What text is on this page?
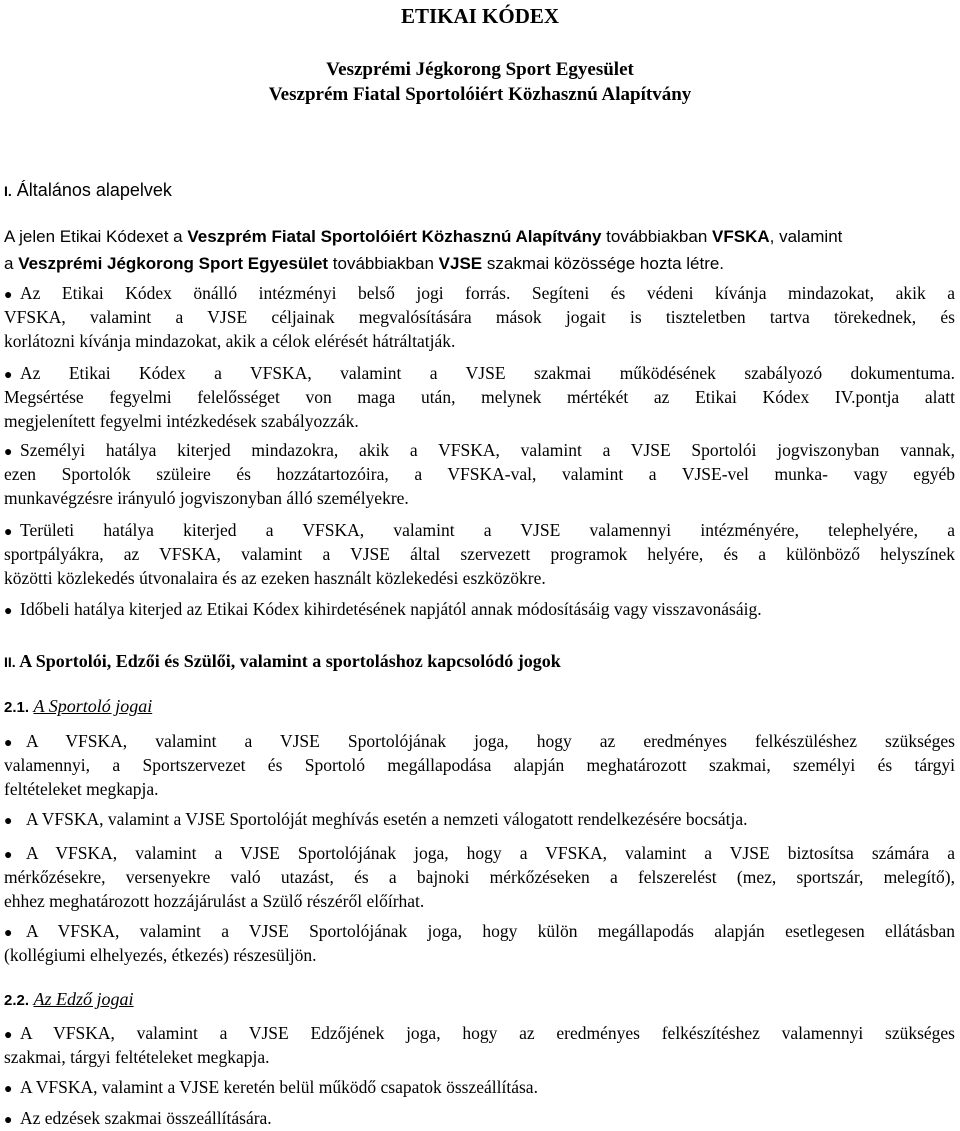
ETIKAI KÓDEX
Veszprémi Jégkorong Sport Egyesület
Veszprém Fiatal Sportolóiért Közhasznú Alapítvány
I. Általános alapelvek
A jelen Etikai Kódexet a Veszprém Fiatal Sportolóiért Közhasznú Alapítvány továbbiakban VFSKA, valamint
a Veszprémi Jégkorong Sport Egyesület továbbiakban VJSE szakmai közössége hozta létre.
● Az Etikai Kódex önálló intézményi belső jogi forrás. Segíteni és védeni kívánja mindazokat, akik a
VFSKA, valamint a VJSE céljainak megvalósítására mások jogait is tiszteletben tartva törekednek, és
korlátozni kívánja mindazokat, akik a célok elérését hátráltatják.
● Az Etikai Kódex a VFSKA, valamint a VJSE szakmai működésének szabályozó dokumentuma.
Megsértése fegyelmi felelősséget von maga után, melynek mértékét az Etikai Kódex IV.pontja alatt
megjelenített fegyelmi intézkedések szabályozzák.
● Személyi hatálya kiterjed mindazokra, akik a VFSKA, valamint a VJSE Sportolói jogviszonyban vannak,
ezen Sportolók szüleire és hozzátartozóira, a VFSKA-val, valamint a VJSE-vel munka- vagy egyéb
munkavégzésre irányuló jogviszonyban álló személyekre.
● Területi hatálya kiterjed a VFSKA, valamint a VJSE valamennyi intézményére, telephelyére, a
sportpályákra, az VFSKA, valamint a VJSE által szervezett programok helyére, és a különböző helyszínek
közötti közlekedés útvonalaira és az ezeken használt közlekedési eszközökre.
● Időbeli hatálya kiterjed az Etikai Kódex kihirdetésének napjától annak módosításáig vagy visszavonásáig.
II. A Sportolói, Edzői és Szülői, valamint a sportoláshoz kapcsolódó jogok
2.1. A Sportoló jogai
● A VFSKA, valamint a VJSE Sportolójának joga, hogy az eredményes felkészüléshez szükséges
valamennyi, a Sportszervezet és Sportoló megállapodása alapján meghatározott szakmai, személyi és tárgyi
feltételeket megkapja.
● A VFSKA, valamint a VJSE Sportolóját meghívás esetén a nemzeti válogatott rendelkezésére bocsátja.
● A VFSKA, valamint a VJSE Sportolójának joga, hogy a VFSKA, valamint a VJSE biztosítsa számára a
mérkőzésekre, versenyekre való utazást, és a bajnoki mérkőzéseken a felszerelést (mez, sportszár, melegítő),
ehhez meghatározott hozzájárulást a Szülő részéről előírhat.
● A VFSKA, valamint a VJSE Sportolójának joga, hogy külön megállapodás alapján esetlegesen ellátásban
(kollégiumi elhelyezés, étkezés) részesüljön.
2.2. Az Edző jogai
● A VFSKA, valamint a VJSE Edzőjének joga, hogy az eredményes felkészítéshez valamennyi szükséges
szakmai, tárgyi feltételeket megkapja.
● A VFSKA, valamint a VJSE keretén belül működő csapatok összeállítása.
● Az edzések szakmai összeállítására.
